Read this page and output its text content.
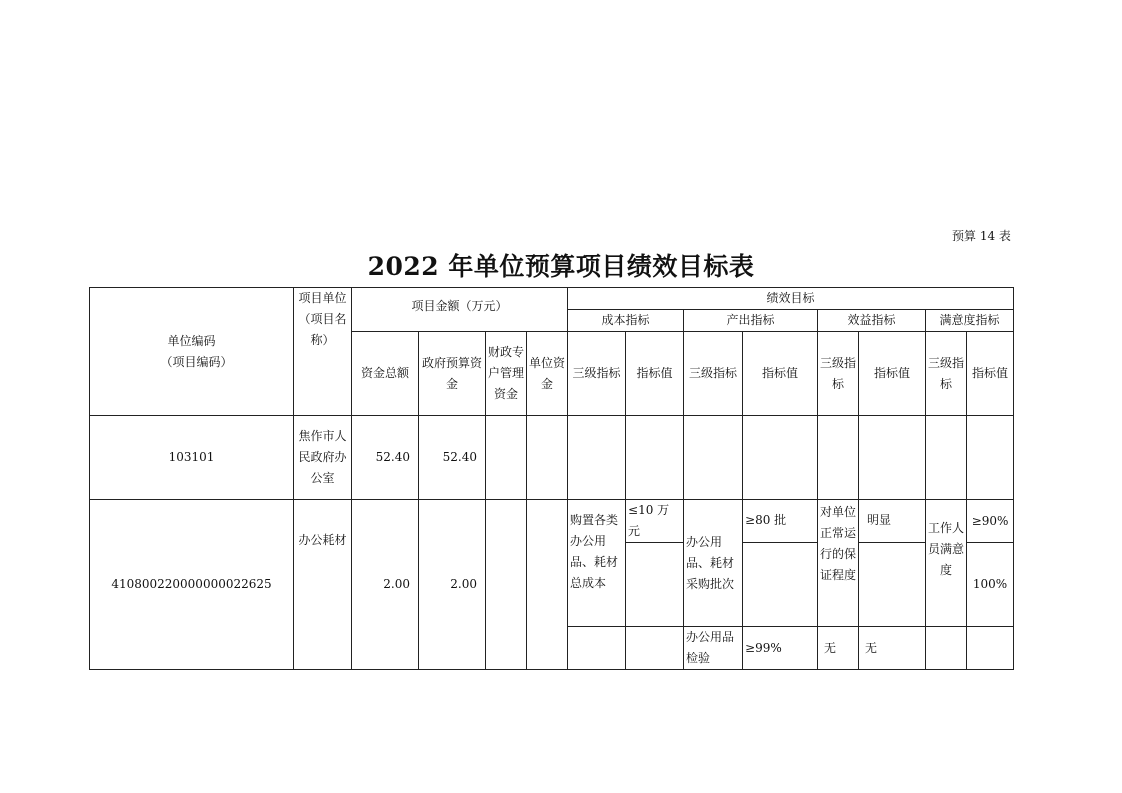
预算 14 表
2022 年单位预算项目绩效目标表
单位编码
（项目编码）	项目单位（项目名称）	项目金额（万元）				绩效目标							
						成本指标		产出指标		效益指标		满意度指标	
		资金总额	政府预算资金	财政专户管理资金	单位资金	三级指标	指标值	三级指标	指标值	三级指标	指标值	三级指标	指标值
103101	焦作市人民政府办公室	52.40	52.40										
410800220000000022625	办公耗材	2.00	2.00			购置各类办公用品、耗材总成本	≤10 万元	办公用品、耗材采购批次	≥80 批	对单位正常运行的保证程度	明显	工作人员满意度	≥90%
													100%
								办公用品检验	≥99%	无	无		
